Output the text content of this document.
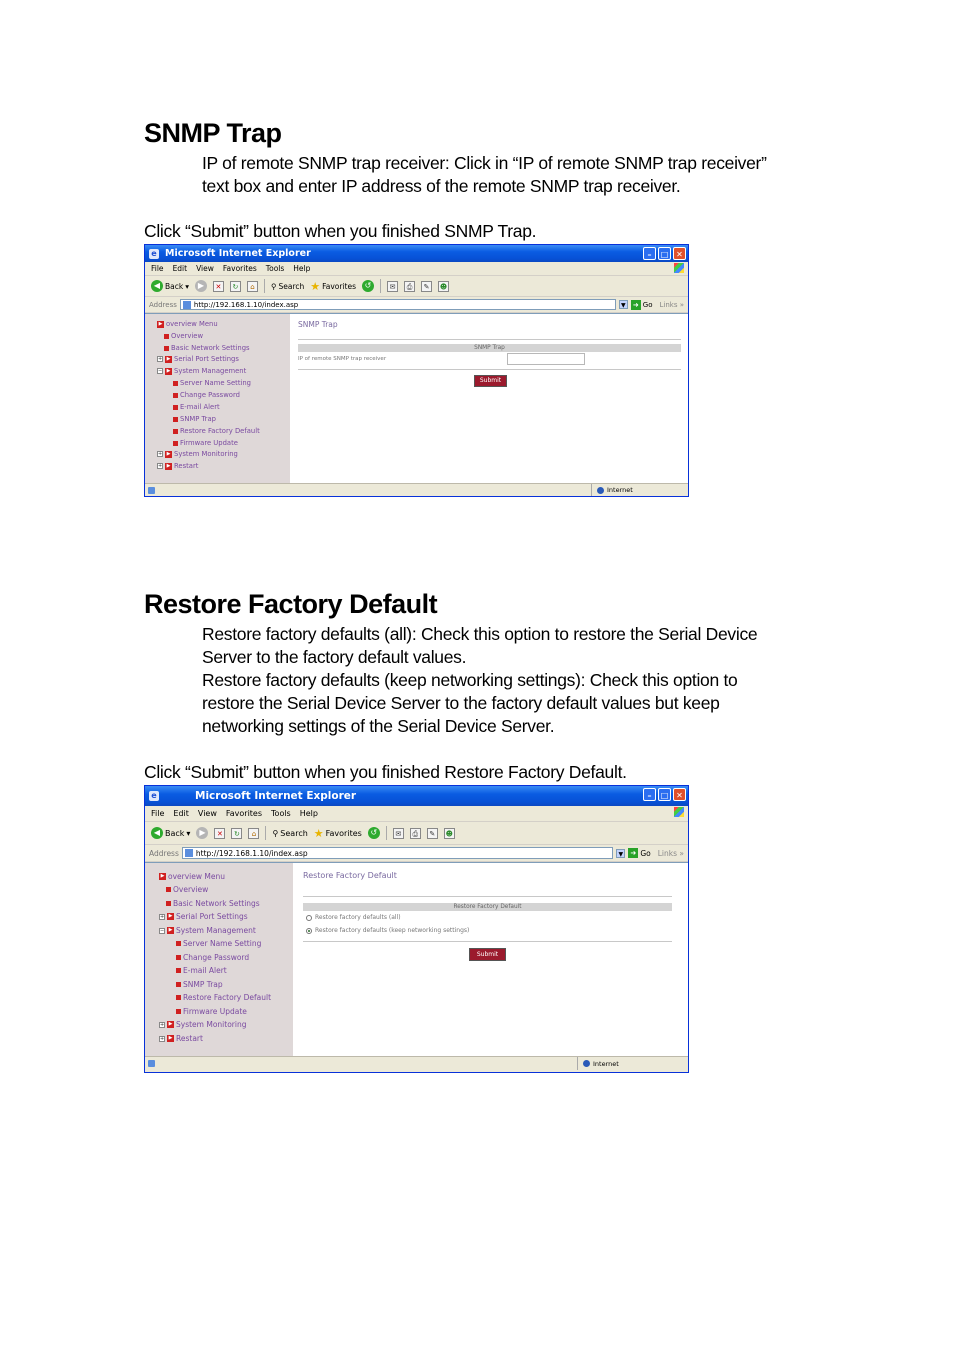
SNMP Trap

IP of remote SNMP trap receiver: Click in “IP of remote SNMP trap receiver”

text box and enter IP address of the remote SNMP trap receiver.

Click “Submit” button when you finished SNMP Trap.
e Microsoft Internet Explorer	–	□ ✕
File Edit View Favorites Tools Help
◀ Back ▾	▶	✕	↻	⌂	⚲ Search ★ Favorites	↺	✉	⎙	✎	☻
Address http://192.168.1.10/index.asp	▼	➜ Go	Links »
▶ overview Menu
Overview
Basic Network Settings
+ ▶ Serial Port Settings
− ▶ System Management
Server Name Setting
Change Password
E-mail Alert
SNMP Trap
Restore Factory Default
Firmware Update
+ ▶ System Monitoring
+ ▶ Restart
SNMP Trap
SNMP Trap
IP of remote SNMP trap receiver
Submit
Internet
Restore Factory Default

Restore factory defaults (all): Check this option to restore the Serial Device

Server to the factory default values.

Restore factory defaults (keep networking settings): Check this option to

restore the Serial Device Server to the factory default values but keep

networking settings of the Serial Device Server.

Click “Submit” button when you finished Restore Factory Default.
e	Microsoft Internet Explorer	–	□ ✕
File Edit View Favorites Tools Help
◀ Back ▾	▶	✕	↻	⌂	⚲ Search ★ Favorites	↺	✉	⎙	✎	☻
Address http://192.168.1.10/index.asp	▼	➜ Go Links »
▶ overview Menu
Overview
Basic Network Settings
+ ▶ Serial Port Settings
− ▶ System Management
Server Name Setting
Change Password
E-mail Alert
SNMP Trap
Restore Factory Default
Firmware Update
+ ▶ System Monitoring
+ ▶ Restart
Restore Factory Default
Restore Factory Default
Restore factory defaults (all)
Restore factory defaults (keep networking settings)
Submit
Internet
